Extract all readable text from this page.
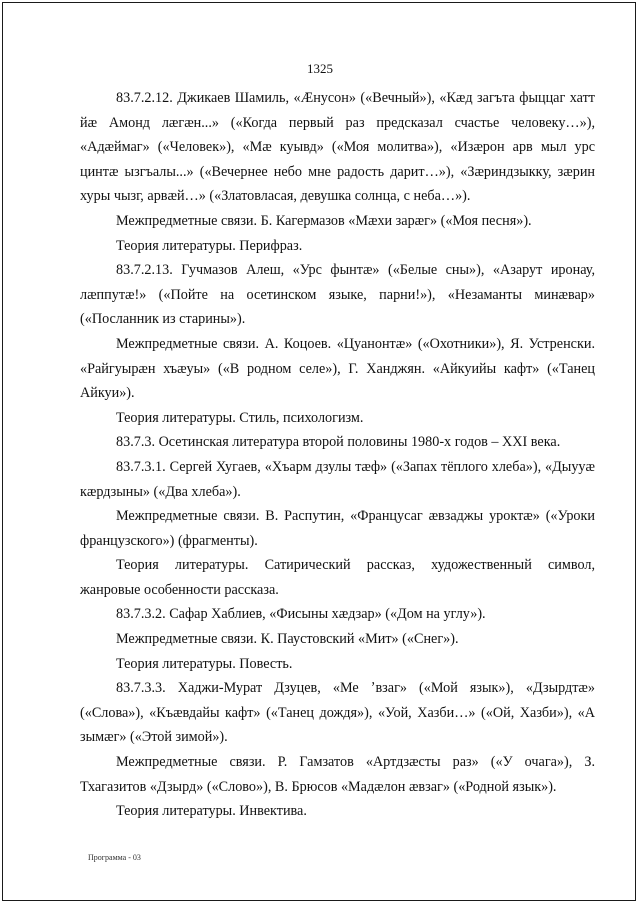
1325

83.7.2.12. Джикаев Шамиль, «Æнусон» («Вечный»), «Кæд загъта фыццаг хатт йæ Амонд лæгæн...» («Когда первый раз предсказал счастье человеку…»), «Адæймаг» («Человек»), «Мæ куывд» («Моя молитва»), «Изæрон арв мыл урс цинтæ ызгъалы...» («Вечернее небо мне радость дарит…»), «Зæриндзыкку, зæрин хуры чызг, арвæй…» («Златовласая, девушка солнца, с неба…»).

Межпредметные связи. Б. Кагермазов «Мæхи зарæг» («Моя песня»).

Теория литературы. Перифраз.

83.7.2.13. Гучмазов Алеш, «Урс фынтæ» («Белые сны»), «Азарут иронау, лæппутæ!» («Пойте на осетинском языке, парни!»), «Незаманты минæвар» («Посланник из старины»).

Межпредметные связи. А. Коцоев. «Цуанонтæ» («Охотники»), Я. Устренски. «Райгуырæн хъæуы» («В родном селе»), Г. Ханджян. «Айкуийы кафт» («Танец Айкуи»).

Теория литературы. Стиль, психологизм.

83.7.3. Осетинская литература второй половины 1980-х годов – XXI века.

83.7.3.1. Сергей Хугаев, «Хъарм дзулы тæф» («Запах тёплого хлеба»), «Дыууæ кæрдзыны» («Два хлеба»).

Межпредметные связи. В. Распутин, «Францусаг æвзаджы уроктæ» («Уроки французского») (фрагменты).

Теория литературы. Сатирический рассказ, художественный символ, жанровые особенности рассказа.

83.7.3.2. Сафар Хаблиев, «Фисыны хæдзар» («Дом на углу»).

Межпредметные связи. К. Паустовский «Мит» («Снег»).

Теория литературы. Повесть.

83.7.3.3. Хаджи-Мурат Дзуцев, «Ме ʼвзаг» («Мой язык»), «Дзырдтæ» («Слова»), «Къæвдайы кафт» («Танец дождя»), «Уой, Хазби…» («Ой, Хазби»), «А зымæг» («Этой зимой»).

Межпредметные связи. Р. Гамзатов «Артдзæсты раз» («У очага»), З. Тхагазитов «Дзырд» («Слово»), В. Брюсов «Мадæлон æвзаг» («Родной язык»).

Теория литературы. Инвектива.

Программа - 03
